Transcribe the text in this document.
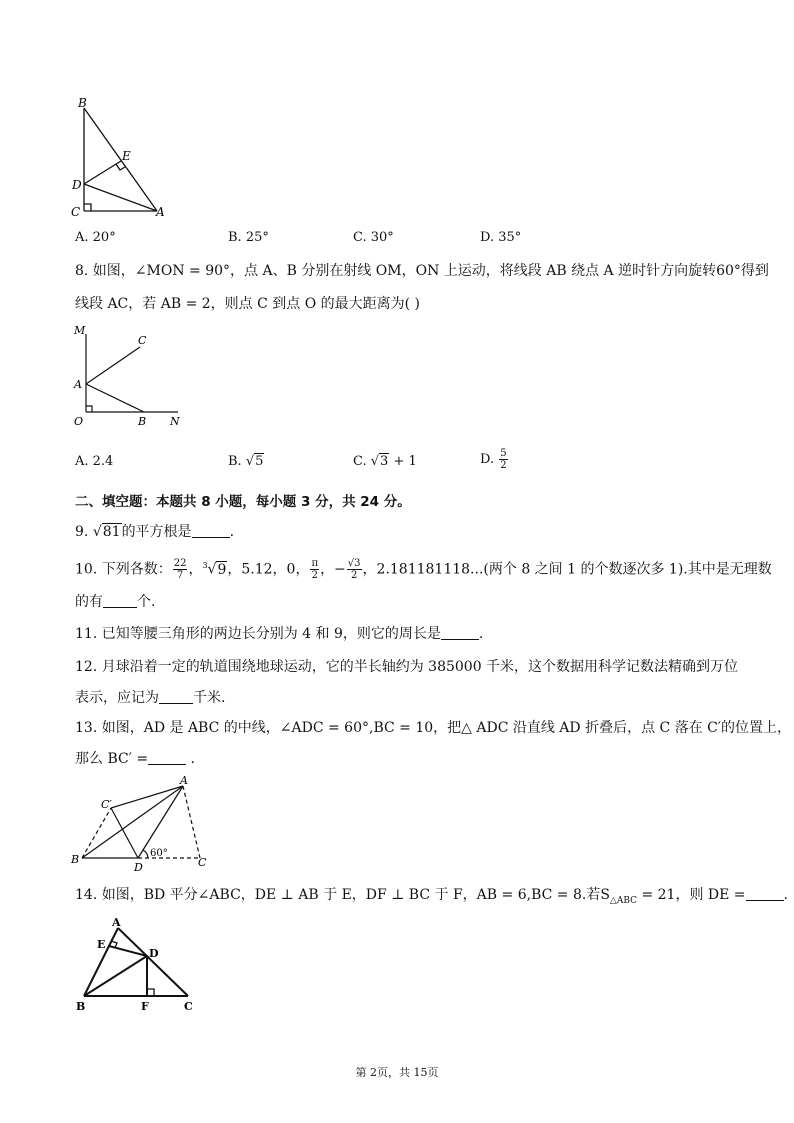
B
E
D
C	A
A. 20°	B. 25°	C. 30°	D. 35°
8. 如图，∠MON = 90°，点 A、B 分别在射线 OM，ON 上运动，将线段 AB 绕点 A 逆时针方向旋转60°得到
线段 AC，若 AB = 2，则点 C 到点 O 的最大距离为( )
M
C
A
O	B N
A. 2.4	B. √5	C. √3 + 1	D. $\frac{5}{2}$
二、填空题：本题共 8 小题，每小题 3 分，共 24 分。
9. √81的平方根是	.
10. 下列各数： $\frac{22}{7}$ ，$^3$√9，5.12，0， $\frac{\pi}{2}$ ，− $\frac{√3}{2}$ ，2.181181118...(两个 8 之间 1 的个数逐次多 1).其中是无理数
的有 个.
11. 已知等腰三角形的两边长分别为 4 和 9，则它的周长是	.
12. 月球沿着一定的轨道围绕地球运动，它的半长轴约为 385000 千米，这个数据用科学记数法精确到万位
表示，应记为 千米.
13. 如图，AD 是 ABC 的中线，∠ADC = 60°,BC = 10，把△ ADC 沿直线 AD 折叠后，点 C 落在 C′的位置上，
那么 BC′ =	.
A
C′
B
D	C
60°
14. 如图，BD 平分∠ABC，DE ⊥ AB 于 E，DF ⊥ BC 于 F，AB = 6,BC = 8.若$S_{\triangle ABC} = 21$，则 DE =	.
A
E
D
B	F	C
第 2页，共 15页
